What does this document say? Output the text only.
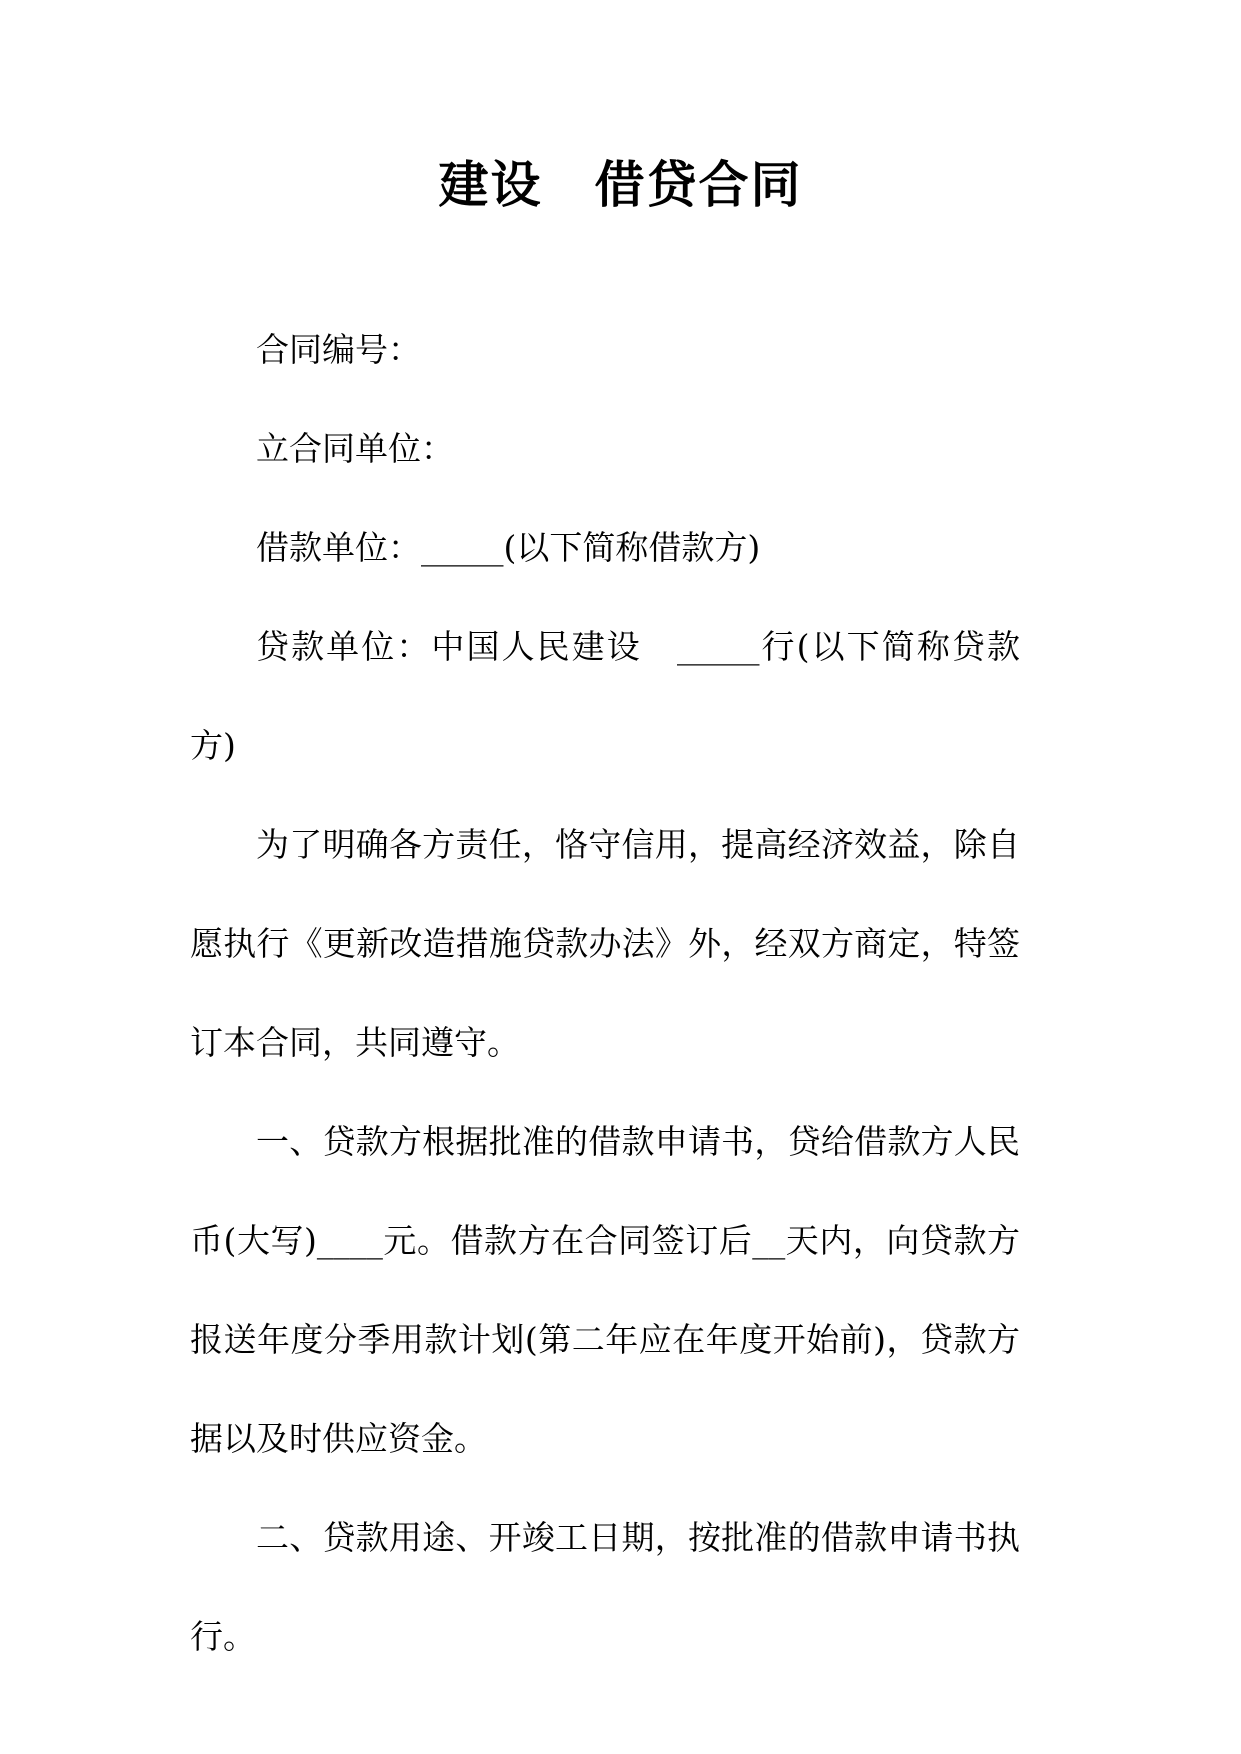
建设　借贷合同

合同编号：

立合同单位：

借款单位：_____(以下简称借款方)

贷款单位：中国人民建设　_____行(以下简称贷款方)

为了明确各方责任，恪守信用，提高经济效益，除自愿执行《更新改造措施贷款办法》外，经双方商定，特签订本合同，共同遵守。

一、贷款方根据批准的借款申请书，贷给借款方人民币(大写)____元。借款方在合同签订后__天内，向贷款方报送年度分季用款计划(第二年应在年度开始前)，贷款方据以及时供应资金。

二、贷款用途、开竣工日期，按批准的借款申请书执行。
